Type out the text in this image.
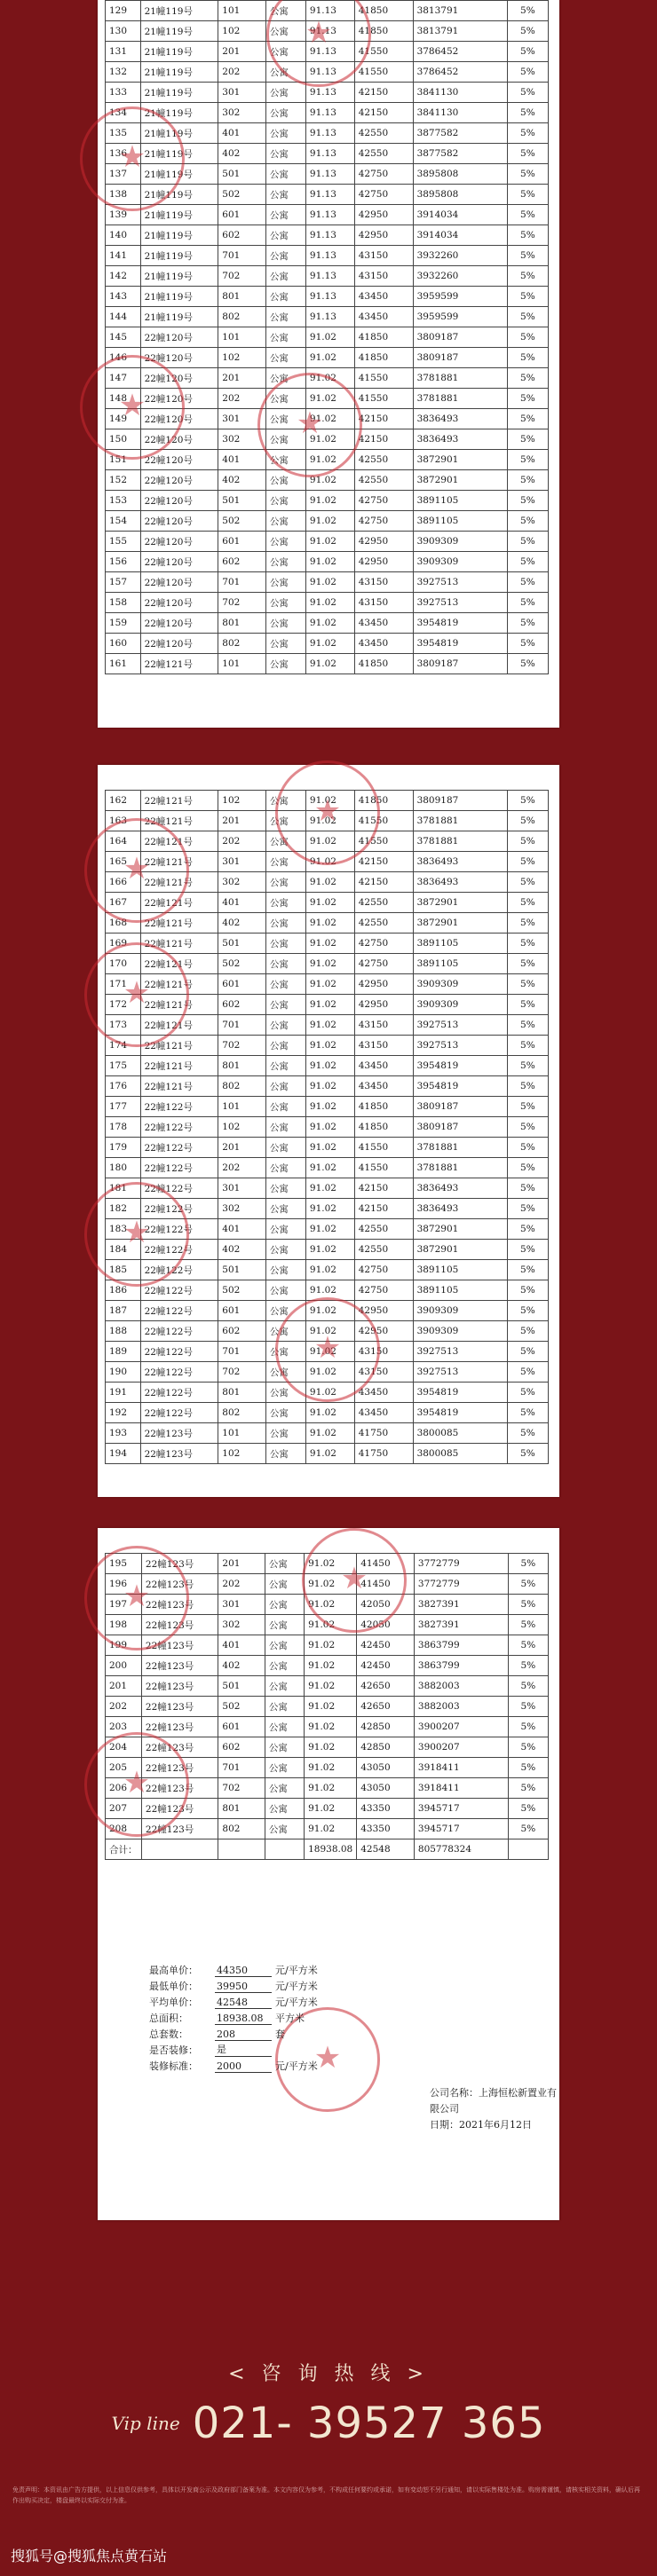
129	21幢119号	101	公寓	91.13	41850	3813791	5%
130	21幢119号	102	公寓	91.13	41850	3813791	5%
131	21幢119号	201	公寓	91.13	41550	3786452	5%
132	21幢119号	202	公寓	91.13	41550	3786452	5%
133	21幢119号	301	公寓	91.13	42150	3841130	5%
134	21幢119号	302	公寓	91.13	42150	3841130	5%
135	21幢119号	401	公寓	91.13	42550	3877582	5%
136	21幢119号	402	公寓	91.13	42550	3877582	5%
137	21幢119号	501	公寓	91.13	42750	3895808	5%
138	21幢119号	502	公寓	91.13	42750	3895808	5%
139	21幢119号	601	公寓	91.13	42950	3914034	5%
140	21幢119号	602	公寓	91.13	42950	3914034	5%
141	21幢119号	701	公寓	91.13	43150	3932260	5%
142	21幢119号	702	公寓	91.13	43150	3932260	5%
143	21幢119号	801	公寓	91.13	43450	3959599	5%
144	21幢119号	802	公寓	91.13	43450	3959599	5%
145	22幢120号	101	公寓	91.02	41850	3809187	5%
146	22幢120号	102	公寓	91.02	41850	3809187	5%
147	22幢120号	201	公寓	91.02	41550	3781881	5%
148	22幢120号	202	公寓	91.02	41550	3781881	5%
149	22幢120号	301	公寓	91.02	42150	3836493	5%
150	22幢120号	302	公寓	91.02	42150	3836493	5%
151	22幢120号	401	公寓	91.02	42550	3872901	5%
152	22幢120号	402	公寓	91.02	42550	3872901	5%
153	22幢120号	501	公寓	91.02	42750	3891105	5%
154	22幢120号	502	公寓	91.02	42750	3891105	5%
155	22幢120号	601	公寓	91.02	42950	3909309	5%
156	22幢120号	602	公寓	91.02	42950	3909309	5%
157	22幢120号	701	公寓	91.02	43150	3927513	5%
158	22幢120号	702	公寓	91.02	43150	3927513	5%
159	22幢120号	801	公寓	91.02	43450	3954819	5%
160	22幢120号	802	公寓	91.02	43450	3954819	5%
161	22幢121号	101	公寓	91.02	41850	3809187	5%
★
★
★
★
162	22幢121号	102	公寓	91.02	41850	3809187	5%
163	22幢121号	201	公寓	91.02	41550	3781881	5%
164	22幢121号	202	公寓	91.02	41550	3781881	5%
165	22幢121号	301	公寓	91.02	42150	3836493	5%
166	22幢121号	302	公寓	91.02	42150	3836493	5%
167	22幢121号	401	公寓	91.02	42550	3872901	5%
168	22幢121号	402	公寓	91.02	42550	3872901	5%
169	22幢121号	501	公寓	91.02	42750	3891105	5%
170	22幢121号	502	公寓	91.02	42750	3891105	5%
171	22幢121号	601	公寓	91.02	42950	3909309	5%
172	22幢121号	602	公寓	91.02	42950	3909309	5%
173	22幢121号	701	公寓	91.02	43150	3927513	5%
174	22幢121号	702	公寓	91.02	43150	3927513	5%
175	22幢121号	801	公寓	91.02	43450	3954819	5%
176	22幢121号	802	公寓	91.02	43450	3954819	5%
177	22幢122号	101	公寓	91.02	41850	3809187	5%
178	22幢122号	102	公寓	91.02	41850	3809187	5%
179	22幢122号	201	公寓	91.02	41550	3781881	5%
180	22幢122号	202	公寓	91.02	41550	3781881	5%
181	22幢122号	301	公寓	91.02	42150	3836493	5%
182	22幢122号	302	公寓	91.02	42150	3836493	5%
183	22幢122号	401	公寓	91.02	42550	3872901	5%
184	22幢122号	402	公寓	91.02	42550	3872901	5%
185	22幢122号	501	公寓	91.02	42750	3891105	5%
186	22幢122号	502	公寓	91.02	42750	3891105	5%
187	22幢122号	601	公寓	91.02	42950	3909309	5%
188	22幢122号	602	公寓	91.02	42950	3909309	5%
189	22幢122号	701	公寓	91.02	43150	3927513	5%
190	22幢122号	702	公寓	91.02	43150	3927513	5%
191	22幢122号	801	公寓	91.02	43450	3954819	5%
192	22幢122号	802	公寓	91.02	43450	3954819	5%
193	22幢123号	101	公寓	91.02	41750	3800085	5%
194	22幢123号	102	公寓	91.02	41750	3800085	5%
★
★
★
★
★
195	22幢123号	201	公寓	91.02	41450	3772779	5%
196	22幢123号	202	公寓	91.02	41450	3772779	5%
197	22幢123号	301	公寓	91.02	42050	3827391	5%
198	22幢123号	302	公寓	91.02	42050	3827391	5%
199	22幢123号	401	公寓	91.02	42450	3863799	5%
200	22幢123号	402	公寓	91.02	42450	3863799	5%
201	22幢123号	501	公寓	91.02	42650	3882003	5%
202	22幢123号	502	公寓	91.02	42650	3882003	5%
203	22幢123号	601	公寓	91.02	42850	3900207	5%
204	22幢123号	602	公寓	91.02	42850	3900207	5%
205	22幢123号	701	公寓	91.02	43050	3918411	5%
206	22幢123号	702	公寓	91.02	43050	3918411	5%
207	22幢123号	801	公寓	91.02	43350	3945717	5%
208	22幢123号	802	公寓	91.02	43350	3945717	5%
合计：				18938.08	42548	805778324	
★
★
★
★
最高单价：	44350	元/平方米
最低单价：	39950	元/平方米
平均单价：	42548	元/平方米
总面积：	18938.08	平方米
总套数：	208	套
是否装修：	是
装修标准：	2000	元/平方米
公司名称：上海恒松新置业有限公司
日期：2021年6月12日
< 咨 询 热 线 >
Vip line 021- 39527 365
免责声明：本资讯由广告方提供，以上信息仅供参考，具体以开发商公示及政府部门备案为准。本文内容仅为参考，不构成任何要约或承诺，如有变动恕不另行通知，请以实际售楼处为准。购房需谨慎，请核实相关资料，确认后再作出购买决定，楼盘最终以实际交付为准。
搜狐号@搜狐焦点黄石站
